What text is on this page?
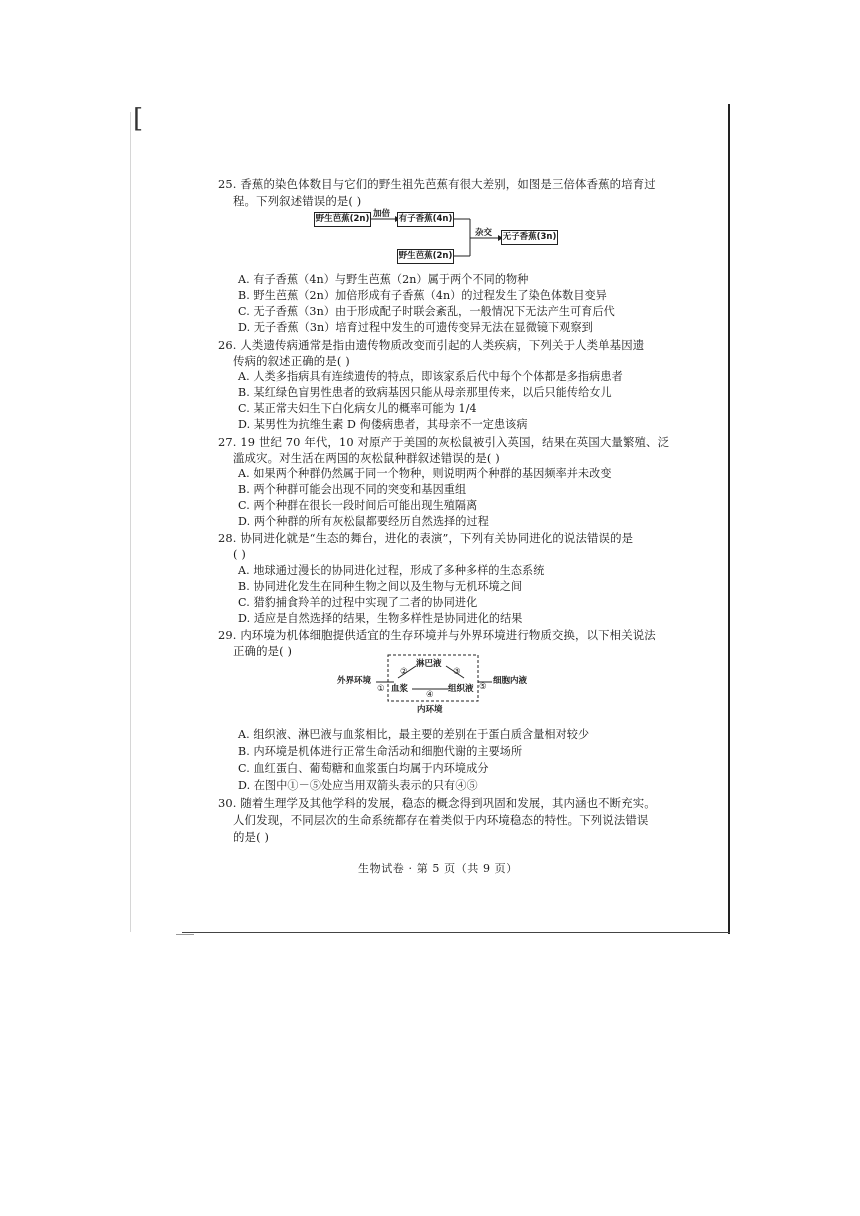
[
25. 香蕉的染色体数目与它们的野生祖先芭蕉有很大差别，如图是三倍体香蕉的培育过
程。下列叙述错误的是( )
野生芭蕉(2n) 加倍 有子香蕉(4n)
杂交 无子香蕉(3n)
野生芭蕉(2n)
A. 有子香蕉（4n）与野生芭蕉（2n）属于两个不同的物种
B. 野生芭蕉（2n）加倍形成有子香蕉（4n）的过程发生了染色体数目变异
C. 无子香蕉（3n）由于形成配子时联会紊乱，一般情况下无法产生可育后代
D. 无子香蕉（3n）培育过程中发生的可遗传变异无法在显微镜下观察到
26. 人类遗传病通常是指由遗传物质改变而引起的人类疾病，下列关于人类单基因遗
传病的叙述正确的是( )
A. 人类多指病具有连续遗传的特点，即该家系后代中每个个体都是多指病患者
B. 某红绿色盲男性患者的致病基因只能从母亲那里传来，以后只能传给女儿
C. 某正常夫妇生下白化病女儿的概率可能为 1/4
D. 某男性为抗维生素 D 佝偻病患者，其母亲不一定患该病
27. 19 世纪 70 年代，10 对原产于美国的灰松鼠被引入英国，结果在英国大量繁殖、泛
滥成灾。对生活在两国的灰松鼠种群叙述错误的是( )
A. 如果两个种群仍然属于同一个物种，则说明两个种群的基因频率并未改变
B. 两个种群可能会出现不同的突变和基因重组
C. 两个种群在很长一段时间后可能出现生殖隔离
D. 两个种群的所有灰松鼠都要经历自然选择的过程
28. 协同进化就是“生态的舞台，进化的表演”，下列有关协同进化的说法错误的是
( )
A. 地球通过漫长的协同进化过程，形成了多种多样的生态系统
B. 协同进化发生在同种生物之间以及生物与无机环境之间
C. 猎豹捕食羚羊的过程中实现了二者的协同进化
D. 适应是自然选择的结果，生物多样性是协同进化的结果
29. 内环境为机体细胞提供适宜的生存环境并与外界环境进行物质交换，以下相关说法
正确的是( )
外界环境
淋巴液
血浆	组织液
细胞内液
内环境
①
②	③
④
⑤
A. 组织液、淋巴液与血浆相比，最主要的差别在于蛋白质含量相对较少
B. 内环境是机体进行正常生命活动和细胞代谢的主要场所
C. 血红蛋白、葡萄糖和血浆蛋白均属于内环境成分
D. 在图中①－⑤处应当用双箭头表示的只有④⑤
30. 随着生理学及其他学科的发展，稳态的概念得到巩固和发展，其内涵也不断充实。
人们发现，不同层次的生命系统都存在着类似于内环境稳态的特性。下列说法错误
的是( )
生物试卷 · 第 5 页（共 9 页）
